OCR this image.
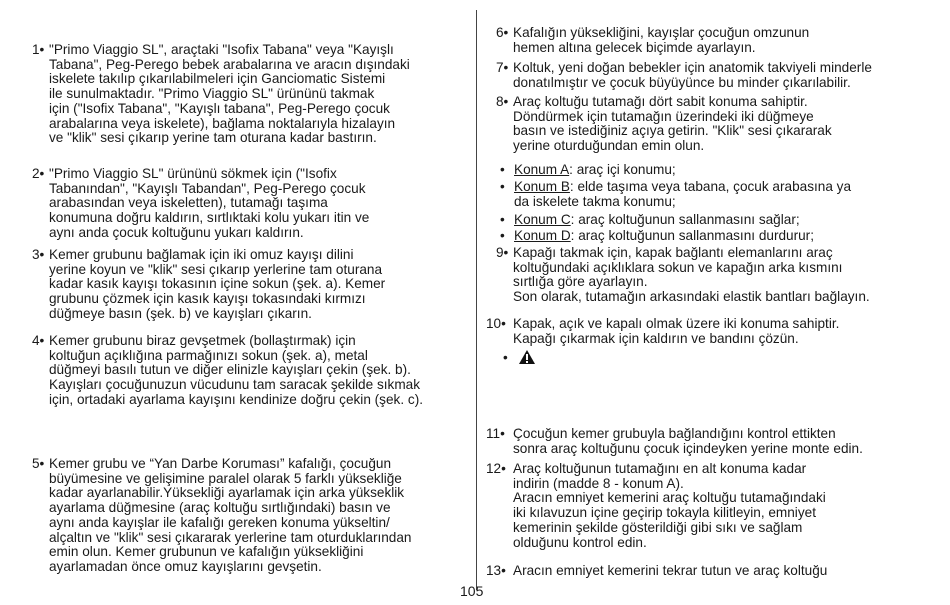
1• "Primo Viaggio SL", araçtaki "Isofix Tabana" veya "Kayışlı
Tabana", Peg-Perego bebek arabalarına ve aracın dışındaki
iskelete takılıp çıkarılabilmeleri için Ganciomatic Sistemi
ile sunulmaktadır. "Primo Viaggio SL" ürününü takmak
için ("Isofix Tabana", "Kayışlı tabana", Peg-Perego çocuk
arabalarına veya iskelete), bağlama noktalarıyla hizalayın
ve "klik" sesi çıkarıp yerine tam oturana kadar bastırın.
2• "Primo Viaggio SL" ürününü sökmek için ("Isofix
Tabanından", "Kayışlı Tabandan", Peg-Perego çocuk
arabasından veya iskeletten), tutamağı taşıma
konumuna doğru kaldırın, sırtlıktaki kolu yukarı itin ve
aynı anda çocuk koltuğunu yukarı kaldırın.
3• Kemer grubunu bağlamak için iki omuz kayışı dilini
yerine koyun ve "klik" sesi çıkarıp yerlerine tam oturana
kadar kasık kayışı tokasının içine sokun (şek. a). Kemer
grubunu çözmek için kasık kayışı tokasındaki kırmızı
düğmeye basın (şek. b) ve kayışları çıkarın.
4• Kemer grubunu biraz gevşetmek (bollaştırmak) için
koltuğun açıklığına parmağınızı sokun (şek. a), metal
düğmeyi basılı tutun ve diğer elinizle kayışları çekin (şek. b).
Kayışları çocuğunuzun vücudunu tam saracak şekilde sıkmak
için, ortadaki ayarlama kayışını kendinize doğru çekin (şek. c).
5• Kemer grubu ve “Yan Darbe Koruması” kafalığı, çocuğun
büyümesine ve gelişimine paralel olarak 5 farklı yüksekliğe
kadar ayarlanabilir.Yüksekliği ayarlamak için arka yükseklik
ayarlama düğmesine (araç koltuğu sırtlığındaki) basın ve
aynı anda kayışlar ile kafalığı gereken konuma yükseltin/
alçaltın ve "klik" sesi çıkararak yerlerine tam oturduklarından
emin olun. Kemer grubunun ve kafalığın yüksekliğini
ayarlamadan önce omuz kayışlarını gevşetin.
6• Kafalığın yüksekliğini, kayışlar çocuğun omzunun
hemen altına gelecek biçimde ayarlayın.
7• Koltuk, yeni doğan bebekler için anatomik takviyeli minderle
donatılmıştır ve çocuk büyüyünce bu minder çıkarılabilir.
8• Araç koltuğu tutamağı dört sabit konuma sahiptir.
Döndürmek için tutamağın üzerindeki iki düğmeye
basın ve istediğiniz açıya getirin. "Klik" sesi çıkararak
yerine oturduğundan emin olun.
• Konum A: araç içi konumu;
• Konum B: elde taşıma veya tabana, çocuk arabasına ya
da iskelete takma konumu;
• Konum C: araç koltuğunun sallanmasını sağlar;
• Konum D: araç koltuğunun sallanmasını durdurur;
9• Kapağı takmak için, kapak bağlantı elemanlarını araç
koltuğundaki açıklıklara sokun ve kapağın arka kısmını
sırtlığa göre ayarlayın.
Son olarak, tutamağın arkasındaki elastik bantları bağlayın.
10• Kapak, açık ve kapalı olmak üzere iki konuma sahiptir.
Kapağı çıkarmak için kaldırın ve bandını çözün.
•
11• Çocuğun kemer grubuyla bağlandığını kontrol ettikten
sonra araç koltuğunu çocuk içindeyken yerine monte edin.
12• Araç koltuğunun tutamağını en alt konuma kadar
indirin (madde 8 - konum A).
Aracın emniyet kemerini araç koltuğu tutamağındaki
iki kılavuzun içine geçirip tokayla kilitleyin, emniyet
kemerinin şekilde gösterildiği gibi sıkı ve sağlam
olduğunu kontrol edin.
13• Aracın emniyet kemerini tekrar tutun ve araç koltuğu
105
